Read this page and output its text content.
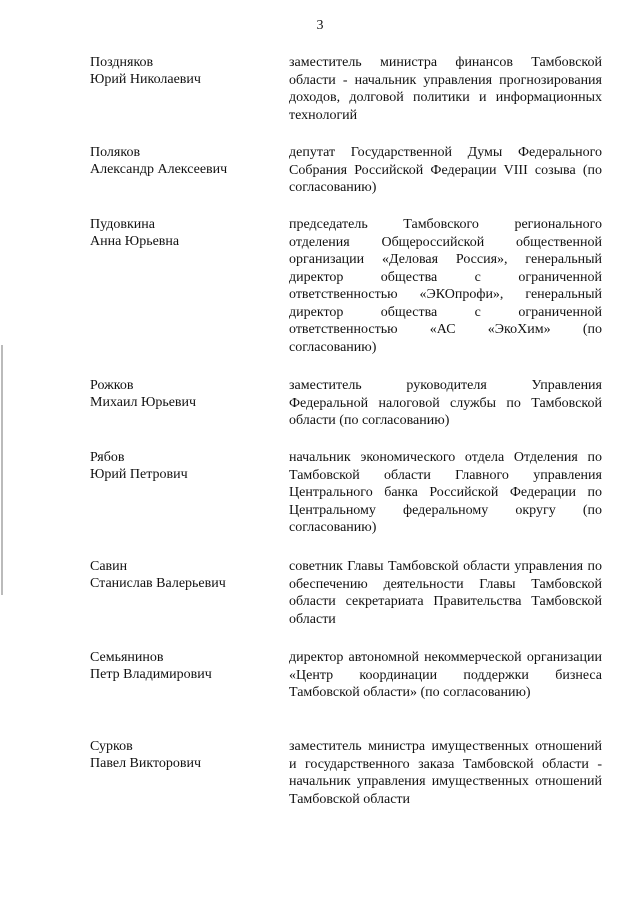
3
Поздняков
Юрий Николаевич
заместитель министра финансов Тамбовской области - начальник управления прогнозирования доходов, долговой политики и информационных технологий
Поляков
Александр Алексеевич
депутат Государственной Думы Федерального Собрания Российской Федерации VIII созыва (по согласованию)
Пудовкина
Анна Юрьевна
председатель Тамбовского регионального отделения Общероссийской общественной организации «Деловая Россия», генеральный директор общества с ограниченной ответственностью «ЭКОпрофи», генеральный директор общества с ограниченной ответственностью «АС «ЭкоХим» (по согласованию)
Рожков
Михаил Юрьевич
заместитель руководителя Управления Федеральной налоговой службы по Тамбовской области (по согласованию)
Рябов
Юрий Петрович
начальник экономического отдела Отделения по Тамбовской области Главного управления Центрального банка Российской Федерации по Центральному федеральному округу (по согласованию)
Савин
Станислав Валерьевич
советник Главы Тамбовской области управления по обеспечению деятельности Главы Тамбовской области секретариата Правительства Тамбовской области
Семьянинов
Петр Владимирович
директор автономной некоммерческой организации «Центр координации поддержки бизнеса Тамбовской области» (по согласованию)
Сурков
Павел Викторович
заместитель министра имущественных отношений и государственного заказа Тамбовской области - начальник управления имущественных отношений Тамбовской области
